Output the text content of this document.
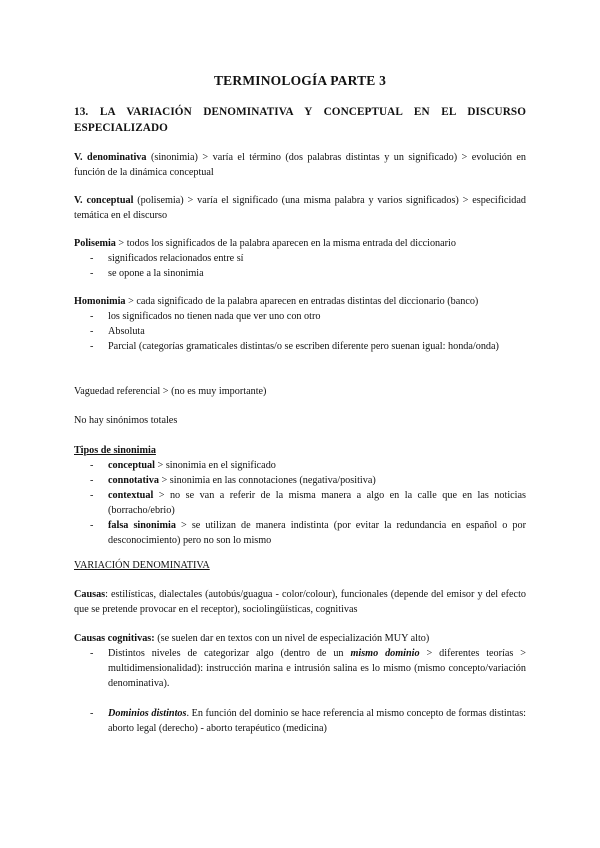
TERMINOLOGÍA PARTE 3
13. LA VARIACIÓN DENOMINATIVA Y CONCEPTUAL EN EL DISCURSO
ESPECIALIZADO

V. denominativa (sinonimia) > varía el término (dos palabras distintas y un significado) > evolución en función de la dinámica conceptual

V. conceptual (polisemia) > varía el significado (una misma palabra y varios significados) > especificidad temática en el discurso

Polisemia > todos los significados de la palabra aparecen en la misma entrada del diccionario

- significados relacionados entre sí
- se opone a la sinonimia

Homonimia > cada significado de la palabra aparecen en entradas distintas del diccionario (banco)

- los significados no tienen nada que ver uno con otro
- Absoluta
- Parcial (categorías gramaticales distintas/o se escriben diferente pero suenan igual: honda/onda)

Vaguedad referencial > (no es muy importante)

No hay sinónimos totales

Tipos de sinonimia

- conceptual > sinonimia en el significado
- connotativa > sinonimia en las connotaciones (negativa/positiva)
- contextual > no se van a referir de la misma manera a algo en la calle que en las noticias (borracho/ebrio)
- falsa sinonimia > se utilizan de manera indistinta (por evitar la redundancia en español o por desconocimiento) pero no son lo mismo

VARIACIÓN DENOMINATIVA

Causas: estilísticas, dialectales (autobús/guagua - color/colour), funcionales (depende del emisor y del efecto que se pretende provocar en el receptor), sociolingüísticas, cognitivas

Causas cognitivas: (se suelen dar en textos con un nivel de especialización MUY alto)

- Distintos niveles de categorizar algo (dentro de un mismo dominio > diferentes teorías > multidimensionalidad): instrucción marina e intrusión salina es lo mismo (mismo concepto/variación denominativa).
- Dominios distintos. En función del dominio se hace referencia al mismo concepto de formas distintas: aborto legal (derecho) - aborto terapéutico (medicina)
